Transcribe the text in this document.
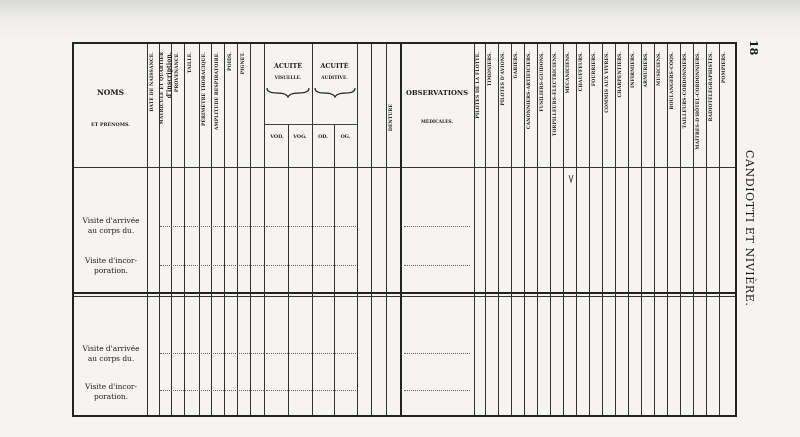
18
CANDIOTTI ET NIVIÈRE.
NOMS
ET PRÉNOMS.
DATE DE NAISSANCE. MATRICULE ET QUARTIER d'inscription. PROVENANCE. TAILLE. PÉRIMÈTRE THORACIQUE. AMPLITUDE RESPIRATOIRE. POIDS. PIGNET.	ACUITÉ
VISUELLE.
VOD.	VOG.
ACUITÉ
AUDITIVE.
OD.	OG.
DENTURE
OBSERVATIONS
MÉDICALES.
PILOTES DE LA FLOTTE. TIMONIERS. PILOTES D'AVIONS. GABIERS. CANONNIERS-ARTIFICIERS. FUSILIERS-GUIDONS. TORPILLEURS-ÉLECTRICIENS. MÉCANICIENS. CHAUFFEURS. FOURRIERS. COMMIS AUX VIVRES. CHARPENTIERS. INFIRMIERS. ARMURIERS. MUSICIENS. BOULANGERS-COQS. TAILLEURS-CORDONNIERS. MAÎTRES-D'HÔTEL-CORDONNIERS. RADIOTÉLÉGRAPHISTES. POMPIERS.
Visite d'arrivée
au corps du.
Visite d'incor-
poration.
Visite d'arrivée
au corps du.
Visite d'incor-
poration.
